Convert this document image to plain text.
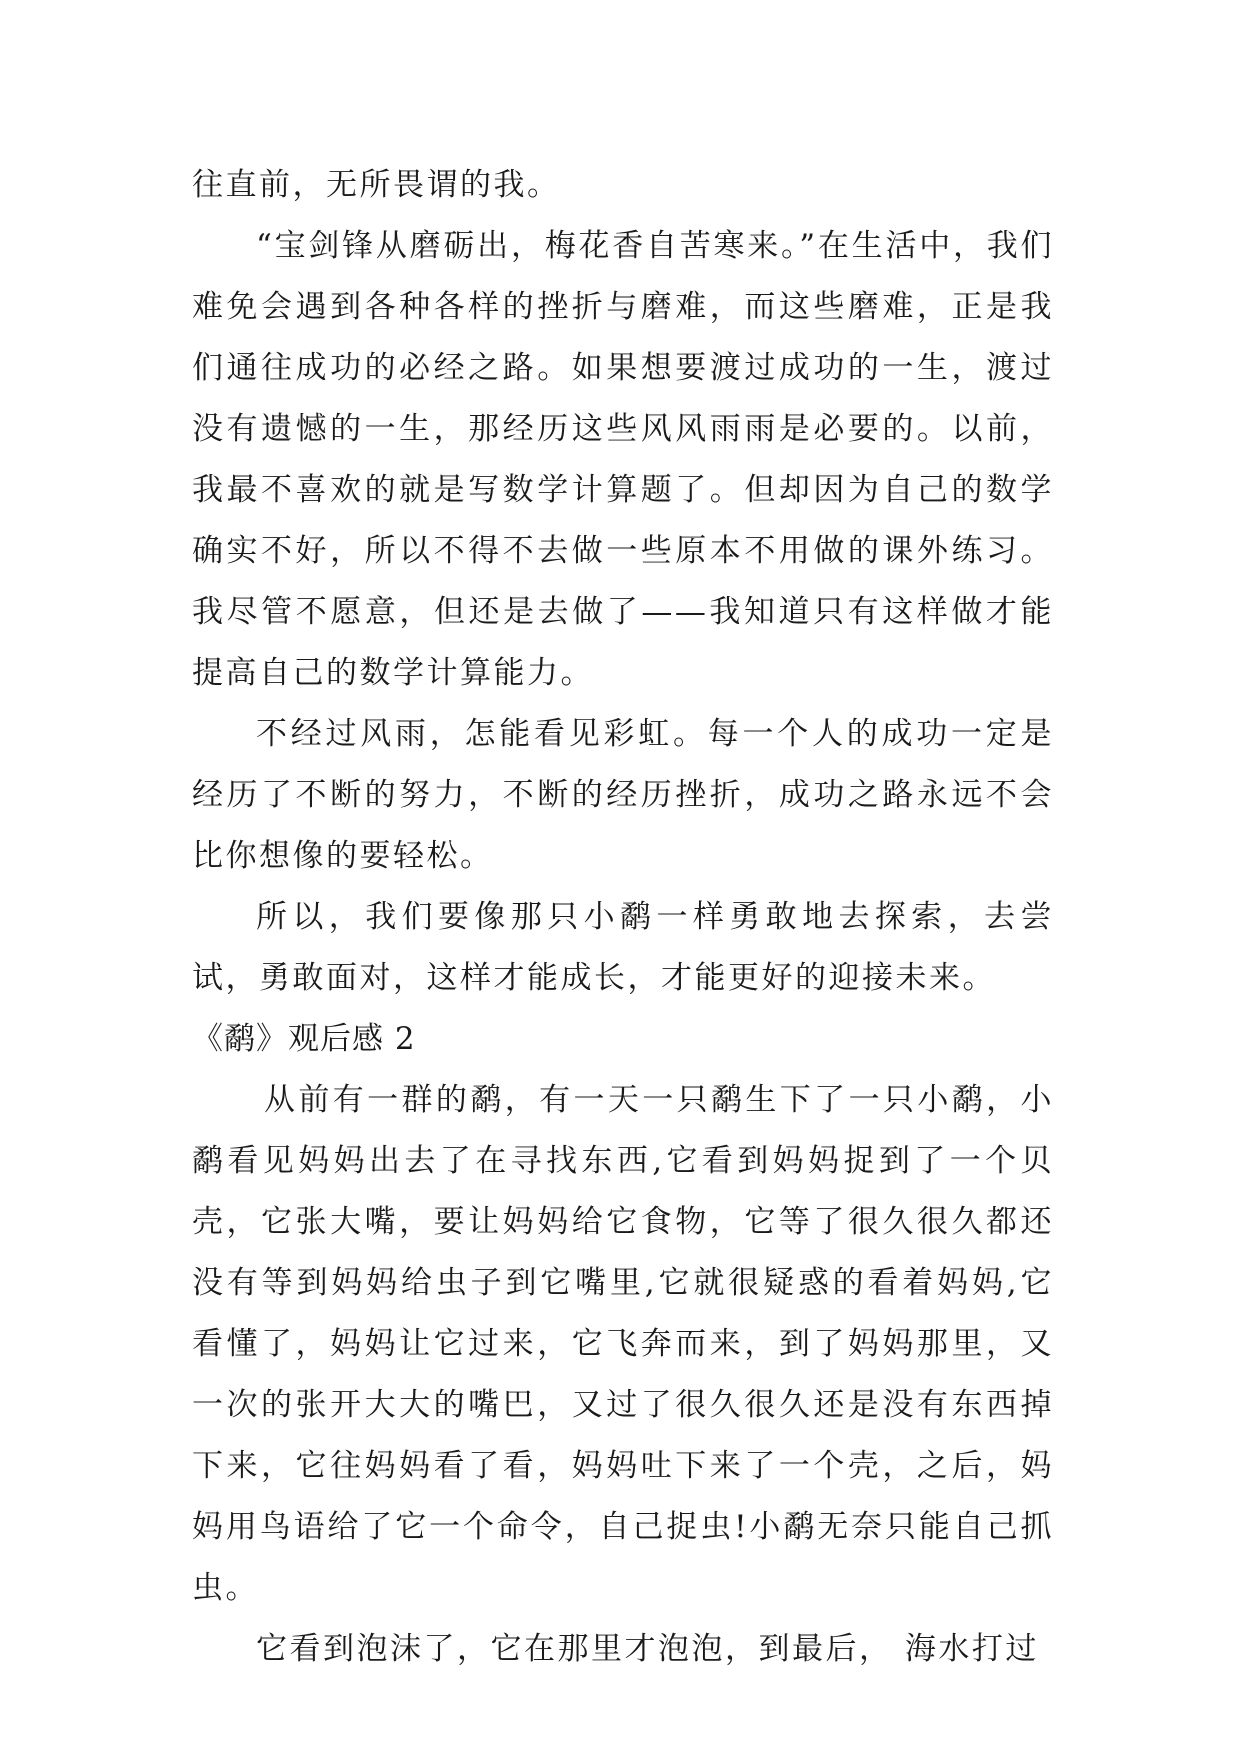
往直前，无所畏谓的我。

“宝剑锋从磨砺出，梅花香自苦寒来。”在生活中，我们难免会遇到各种各样的挫折与磨难，而这些磨难，正是我们通往成功的必经之路。如果想要渡过成功的一生，渡过没有遗憾的一生，那经历这些风风雨雨是必要的。以前，我最不喜欢的就是写数学计算题了。但却因为自己的数学确实不好，所以不得不去做一些原本不用做的课外练习。我尽管不愿意，但还是去做了——我知道只有这样做才能提高自己的数学计算能力。

不经过风雨，怎能看见彩虹。每一个人的成功一定是经历了不断的努力，不断的经历挫折，成功之路永远不会比你想像的要轻松。

所以，我们要像那只小鹬一样勇敢地去探索，去尝试，勇敢面对，这样才能成长，才能更好的迎接未来。

《鹬》观后感 2

从前有一群的鹬，有一天一只鹬生下了一只小鹬，小鹬看见妈妈出去了在寻找东西,它看到妈妈捉到了一个贝壳，它张大嘴，要让妈妈给它食物，它等了很久很久都还没有等到妈妈给虫子到它嘴里,它就很疑惑的看着妈妈,它看懂了，妈妈让它过来，它飞奔而来，到了妈妈那里，又一次的张开大大的嘴巴，又过了很久很久还是没有东西掉下来，它往妈妈看了看，妈妈吐下来了一个壳，之后，妈妈用鸟语给了它一个命令，自己捉虫!小鹬无奈只能自己抓虫。

它看到泡沫了，它在那里才泡泡，到最后， 海水打过
